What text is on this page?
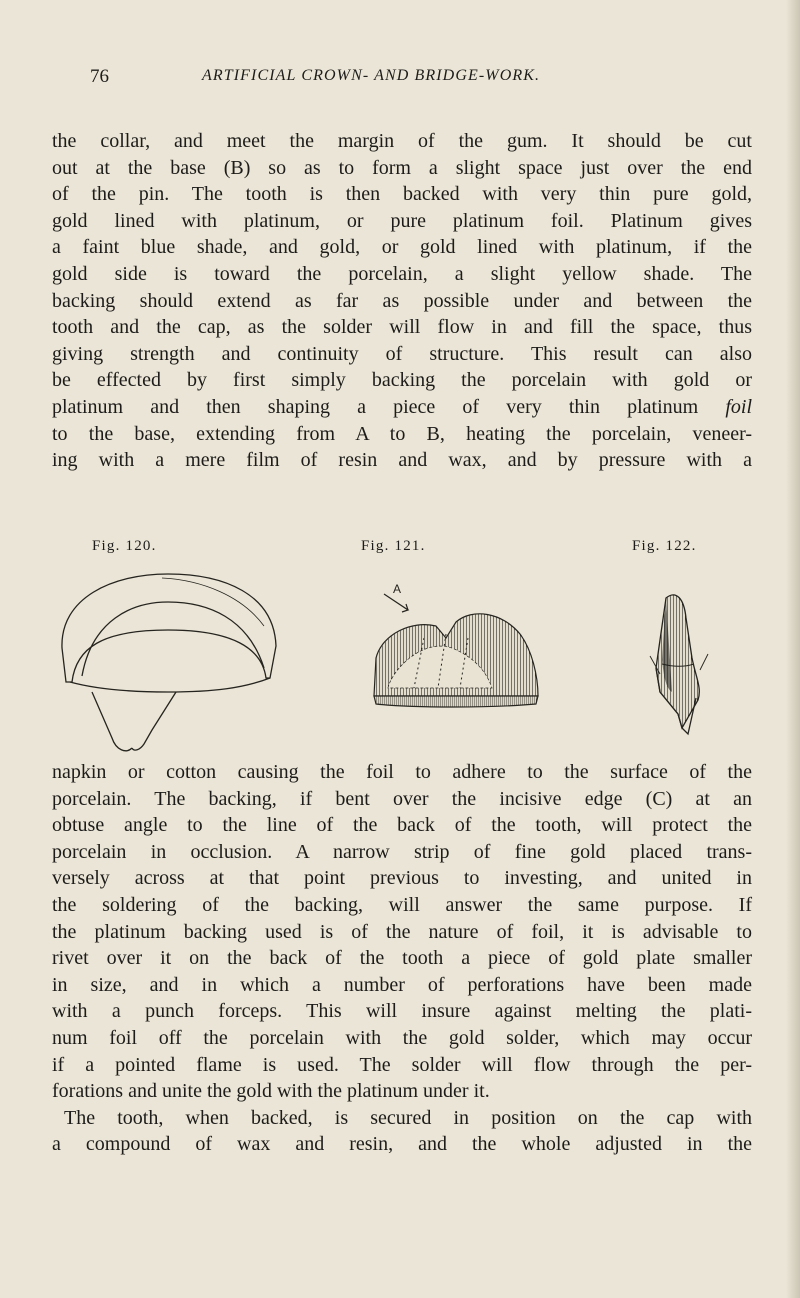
76	ARTIFICIAL CROWN- AND BRIDGE-WORK.
the collar, and meet the margin of the gum. It should be cut
out at the base (B) so as to form a slight space just over the end
of the pin. The tooth is then backed with very thin pure gold,
gold lined with platinum, or pure platinum foil. Platinum gives
a faint blue shade, and gold, or gold lined with platinum, if the
gold side is toward the porcelain, a slight yellow shade. The
backing should extend as far as possible under and between the
tooth and the cap, as the solder will flow in and fill the space, thus
giving strength and continuity of structure. This result can also
be effected by first simply backing the porcelain with gold or
platinum and then shaping a piece of very thin platinum foil
to the base, extending from A to B, heating the porcelain, veneer-
ing with a mere film of resin and wax, and by pressure with a
Fig. 120.	Fig. 121.	Fig. 122.
A
napkin or cotton causing the foil to adhere to the surface of the
porcelain. The backing, if bent over the incisive edge (C) at an
obtuse angle to the line of the back of the tooth, will protect the
porcelain in occlusion. A narrow strip of fine gold placed trans-
versely across at that point previous to investing, and united in
the soldering of the backing, will answer the same purpose. If
the platinum backing used is of the nature of foil, it is advisable to
rivet over it on the back of the tooth a piece of gold plate smaller
in size, and in which a number of perforations have been made
with a punch forceps. This will insure against melting the plati-
num foil off the porcelain with the gold solder, which may occur
if a pointed flame is used. The solder will flow through the per-
forations and unite the gold with the platinum under it.
The tooth, when backed, is secured in position on the cap with
a compound of wax and resin, and the whole adjusted in the
